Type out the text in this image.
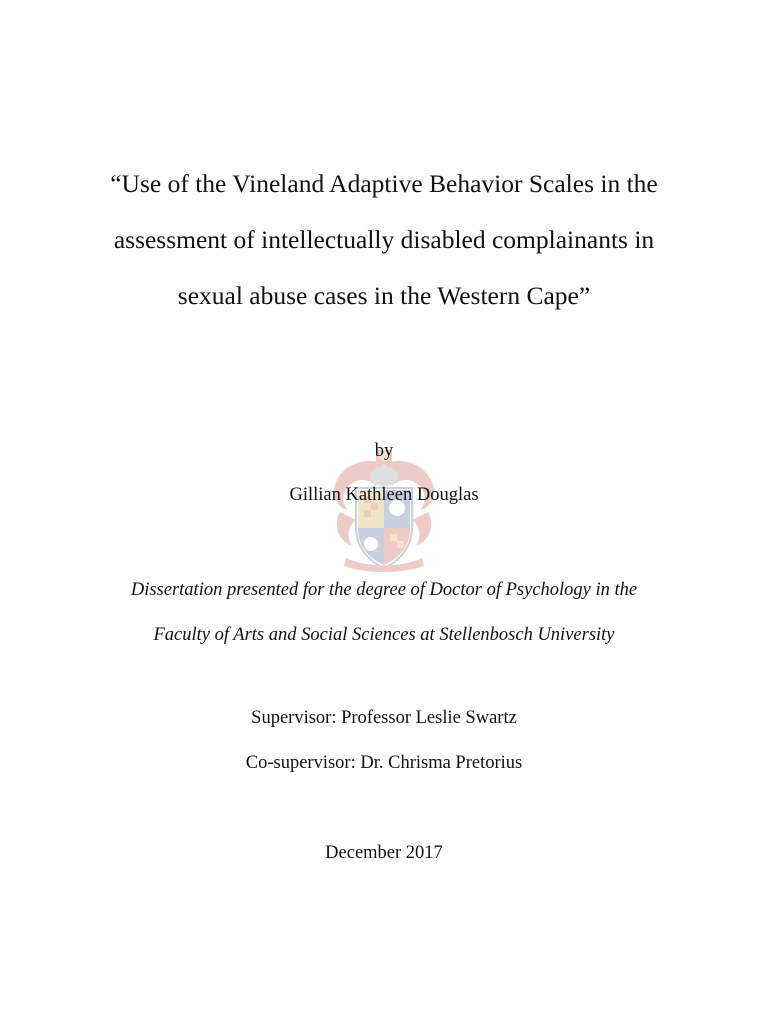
“Use of the Vineland Adaptive Behavior Scales in the
assessment of intellectually disabled complainants in
sexual abuse cases in the Western Cape”
by
Gillian Kathleen Douglas
Dissertation presented for the degree of Doctor of Psychology in the
Faculty of Arts and Social Sciences at Stellenbosch University
Supervisor: Professor Leslie Swartz
Co-supervisor: Dr. Chrisma Pretorius
December 2017
